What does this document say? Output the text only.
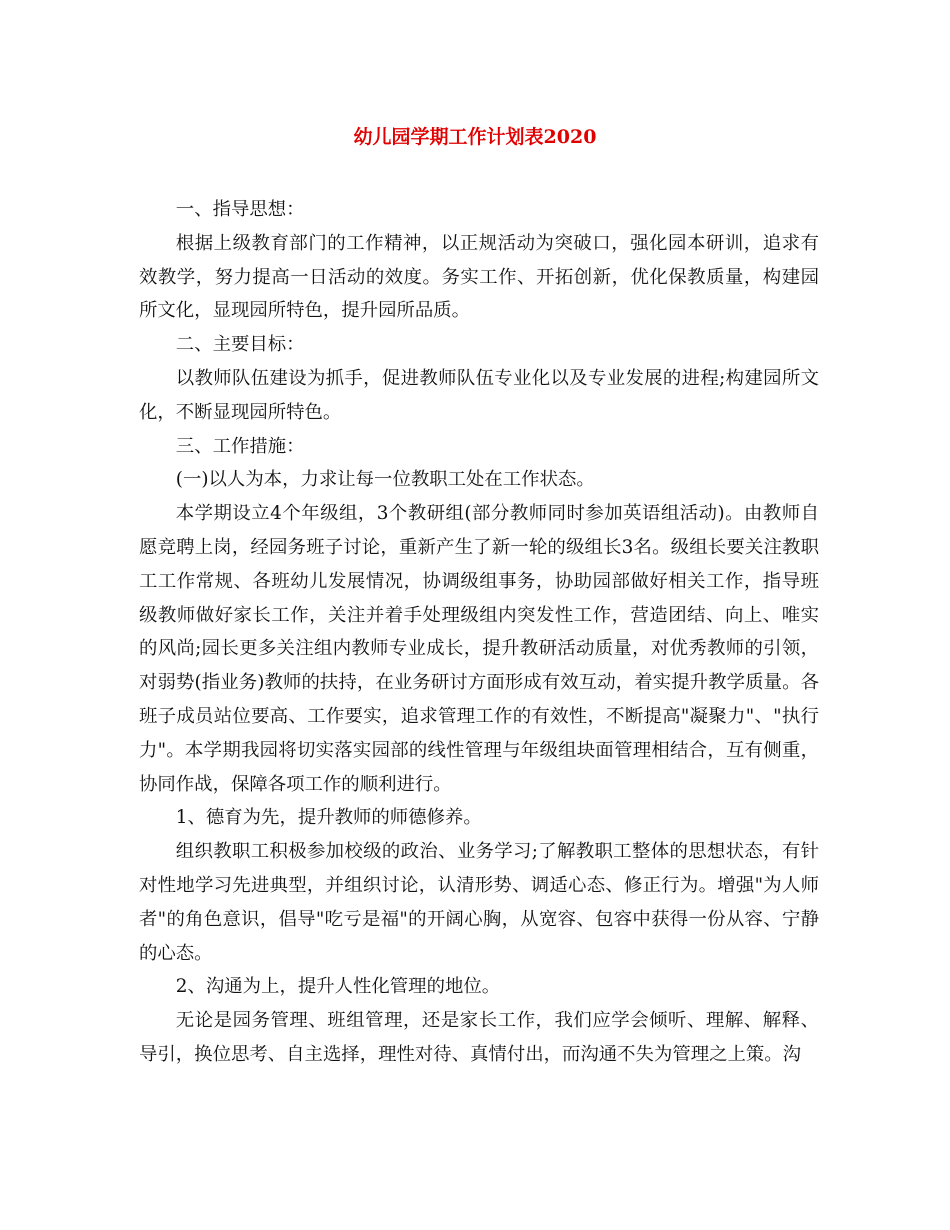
幼儿园学期工作计划表2020

一、指导思想：

根据上级教育部门的工作精神，以正规活动为突破口，强化园本研训，追求有效教学，努力提高一日活动的效度。务实工作、开拓创新，优化保教质量，构建园所文化，显现园所特色，提升园所品质。

二、主要目标：

以教师队伍建设为抓手，促进教师队伍专业化以及专业发展的进程;构建园所文化，不断显现园所特色。

三、工作措施：

(一)以人为本，力求让每一位教职工处在工作状态。

本学期设立4个年级组，3个教研组(部分教师同时参加英语组活动)。由教师自愿竞聘上岗，经园务班子讨论，重新产生了新一轮的级组长3名。级组长要关注教职工工作常规、各班幼儿发展情况，协调级组事务，协助园部做好相关工作，指导班级教师做好家长工作，关注并着手处理级组内突发性工作，营造团结、向上、唯实的风尚;园长更多关注组内教师专业成长，提升教研活动质量，对优秀教师的引领，对弱势(指业务)教师的扶持，在业务研讨方面形成有效互动，着实提升教学质量。各班子成员站位要高、工作要实，追求管理工作的有效性，不断提高"凝聚力"、"执行力"。本学期我园将切实落实园部的线性管理与年级组块面管理相结合，互有侧重，协同作战，保障各项工作的顺利进行。

1、德育为先，提升教师的师德修养。

组织教职工积极参加校级的政治、业务学习;了解教职工整体的思想状态，有针对性地学习先进典型，并组织讨论，认清形势、调适心态、修正行为。增强"为人师者"的角色意识，倡导"吃亏是福"的开阔心胸，从宽容、包容中获得一份从容、宁静的心态。

2、沟通为上，提升人性化管理的地位。

无论是园务管理、班组管理，还是家长工作，我们应学会倾听、理解、解释、导引，换位思考、自主选择，理性对待、真情付出，而沟通不失为管理之上策。沟
